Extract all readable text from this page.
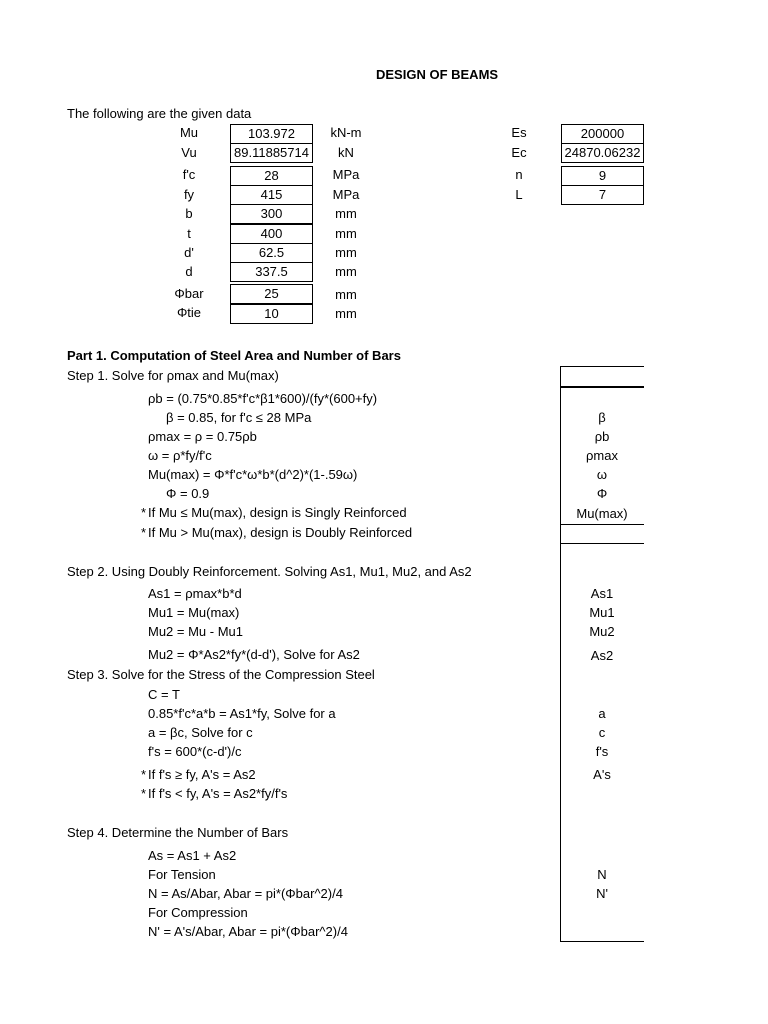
DESIGN OF BEAMS
The following are the given data
Mu	103.972	kN-m
Vu	89.11885714	kN
f'c	28	MPa
fy	415	MPa
b	300	mm
t	400	mm
d'	62.5	mm
d	337.5	mm
Φbar	25	mm
Φtie	10	mm
Es	200000
Ec	24870.06232
n	9
L	7
Part 1. Computation of Steel Area and Number of Bars
Step 1. Solve for ρmax and Mu(max)
ρb = (0.75*0.85*f'c*β1*600)/(fy*(600+fy)
β = 0.85, for f'c ≤ 28 MPa
ρmax = ρ = 0.75ρb
ω = ρ*fy/f'c
Mu(max) = Φ*f'c*ω*b*(d^2)*(1-.59ω)
Φ = 0.9
* If Mu ≤ Mu(max), design is Singly Reinforced
* If Mu > Mu(max), design is Doubly Reinforced
β
ρb
ρmax
ω
Φ
Mu(max)
Step 2. Using Doubly Reinforcement. Solving As1, Mu1, Mu2, and As2
As1 = ρmax*b*d
Mu1 = Mu(max)
Mu2 = Mu - Mu1
Mu2 = Φ*As2*fy*(d-d'), Solve for As2
As1
Mu1
Mu2
As2
Step 3. Solve for the Stress of the Compression Steel
C = T
0.85*f'c*a*b = As1*fy, Solve for a
a = βc, Solve for c
f's = 600*(c-d')/c
* If f's ≥ fy, A's = As2
* If f's < fy, A's = As2*fy/f's
a
c
f's
A's
Step 4. Determine the Number of Bars
As = As1 + As2
For Tension
N = As/Abar, Abar = pi*(Φbar^2)/4
For Compression
N' = A's/Abar, Abar = pi*(Φbar^2)/4
N
N'
